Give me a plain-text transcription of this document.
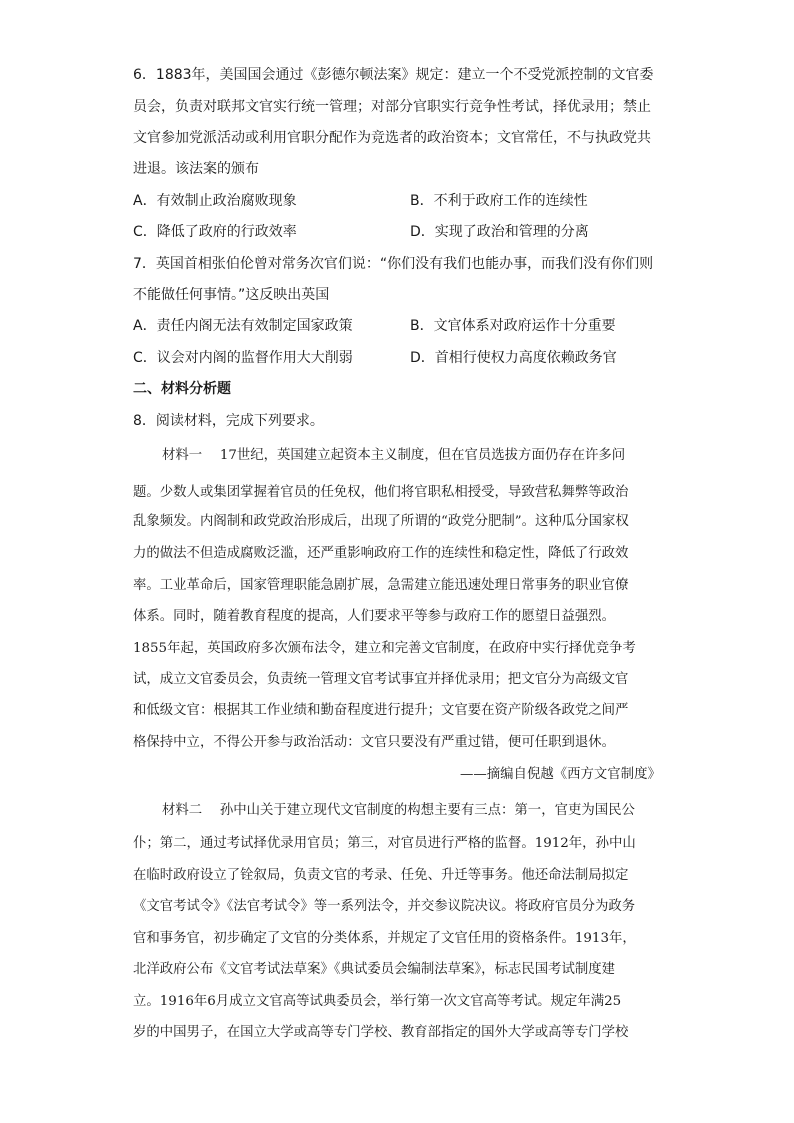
6．1883年，美国国会通过《彭德尔顿法案》规定：建立一个不受党派控制的文官委
员会，负责对联邦文官实行统一管理；对部分官职实行竞争性考试，择优录用；禁止
文官参加党派活动或利用官职分配作为竞选者的政治资本；文官常任，不与执政党共
进退。该法案的颁布
A．有效制止政治腐败现象	B．不利于政府工作的连续性
C．降低了政府的行政效率	D．实现了政治和管理的分离
7．英国首相张伯伦曾对常务次官们说：“你们没有我们也能办事，而我们没有你们则
不能做任何事情。”这反映出英国
A．责任内阁无法有效制定国家政策	B．文官体系对政府运作十分重要
C．议会对内阁的监督作用大大削弱	D．首相行使权力高度依赖政务官
二、材料分析题
8．阅读材料，完成下列要求。
材料一　 17世纪，英国建立起资本主义制度，但在官员选拔方面仍存在许多问
题。少数人或集团掌握着官员的任免权，他们将官职私相授受，导致营私舞弊等政治
乱象频发。内阁制和政党政治形成后，出现了所谓的“政党分肥制”。这种瓜分国家权
力的做法不但造成腐败泛滥，还严重影响政府工作的连续性和稳定性，降低了行政效
率。工业革命后，国家管理职能急剧扩展，急需建立能迅速处理日常事务的职业官僚
体系。同时，随着教育程度的提高，人们要求平等参与政府工作的愿望日益强烈。
1855年起，英国政府多次颁布法令，建立和完善文官制度，在政府中实行择优竞争考
试，成立文官委员会，负责统一管理文官考试事宜并择优录用；把文官分为高级文官
和低级文官：根据其工作业绩和勤奋程度进行提升；文官要在资产阶级各政党之间严
格保持中立，不得公开参与政治活动：文官只要没有严重过错，便可任职到退休。
——摘编自倪越《西方文官制度》
材料二　 孙中山关于建立现代文官制度的构想主要有三点：第一，官吏为国民公
仆；第二，通过考试择优录用官员；第三，对官员进行严格的监督。1912年，孙中山
在临时政府设立了铨叙局，负责文官的考录、任免、升迁等事务。他还命法制局拟定
《文官考试令》《法官考试令》等一系列法令，并交参议院决议。将政府官员分为政务
官和事务官，初步确定了文官的分类体系，并规定了文官任用的资格条件。1913年，
北洋政府公布《文官考试法草案》《典试委员会编制法草案》，标志民国考试制度建
立。1916年6月成立文官高等试典委员会，举行第一次文官高等考试。规定年满25
岁的中国男子，在国立大学或高等专门学校、教育部指定的国外大学或高等专门学校
